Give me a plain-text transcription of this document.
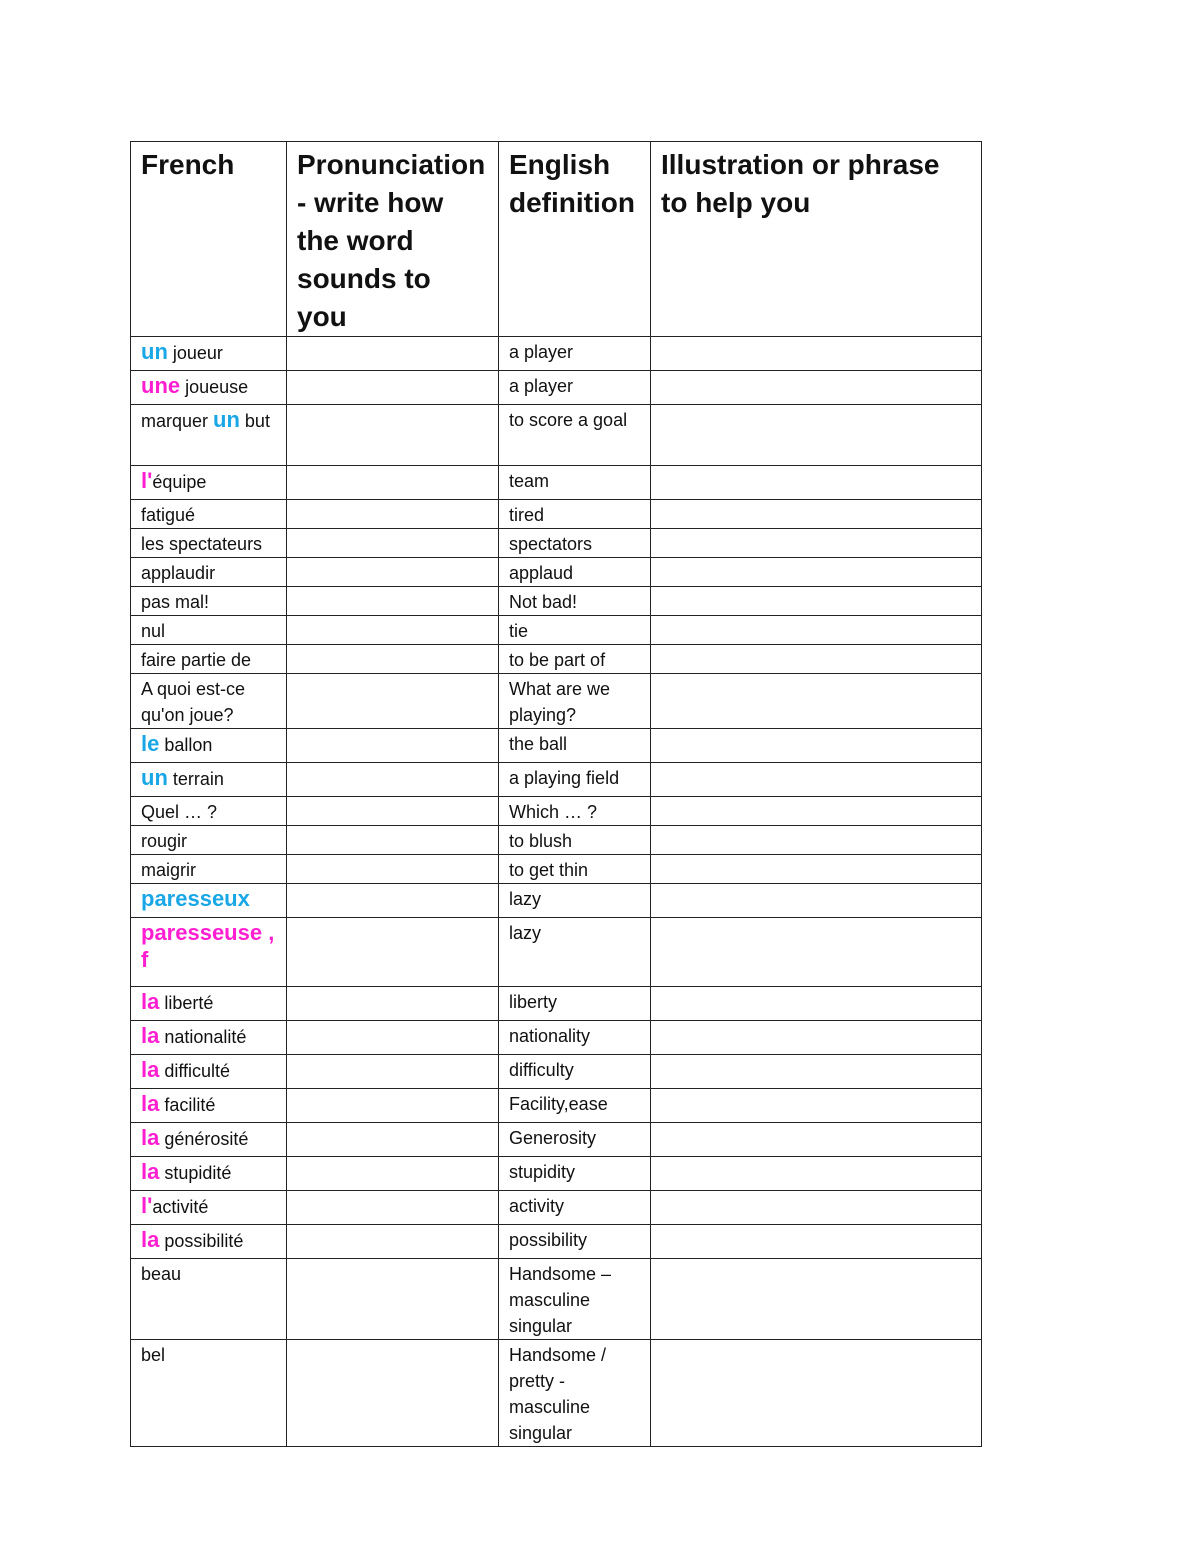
French	Pronunciation - write how the word sounds to you	English definition	Illustration or phrase to help you
un joueur		a player	
une joueuse		a player	
marquer un but		to score a goal	
l'équipe		team	
fatigué		tired	
les spectateurs		spectators	
applaudir		applaud	
pas mal!		Not bad!	
nul		tie	
faire partie de		to be part of	
A quoi est-ce qu'on joue?		What are we playing?	
le ballon		the ball	
un terrain		a playing field	
Quel … ?		Which … ?	
rougir		to blush	
maigrir		to get thin	
paresseux		lazy	
paresseuse , f		lazy	
la liberté		liberty	
la nationalité		nationality	
la difficulté		difficulty	
la facilité		Facility,ease	
la générosité		Generosity	
la stupidité		stupidity	
l'activité		activity	
la possibilité		possibility	
beau		Handsome – masculine singular	
bel		Handsome / pretty - masculine singular	
